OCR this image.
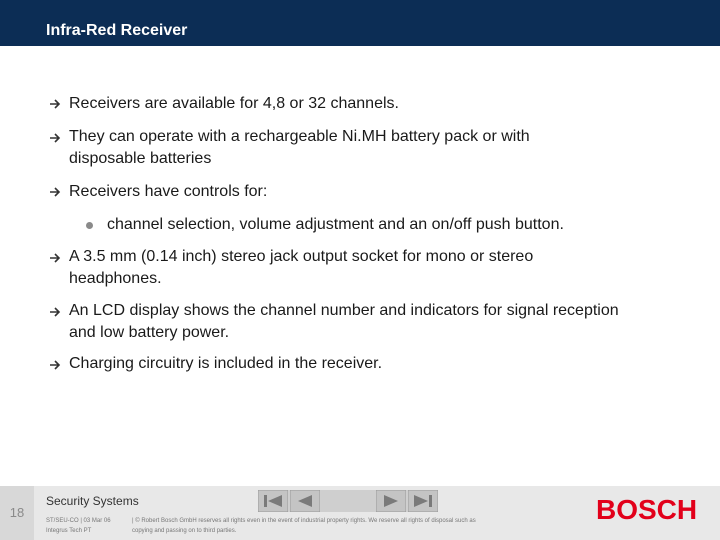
Infra-Red Receiver
Receivers are available for 4,8 or 32 channels.
They can operate with a rechargeable Ni.MH battery pack or with disposable batteries
Receivers have controls for:
channel selection, volume adjustment and an on/off push button.
A 3.5 mm (0.14 inch) stereo jack output socket for mono or stereo headphones.
An LCD display shows the channel number and indicators for signal reception and low battery power.
Charging circuitry is included in the receiver.
18
Security Systems
ST/SEU-CO | 03 Mar 06 Integrus Tech PT
| © Robert Bosch GmbH reserves all rights even in the event of industrial property rights. We reserve all rights of disposal such as copying and passing on to third parties.
BOSCH
